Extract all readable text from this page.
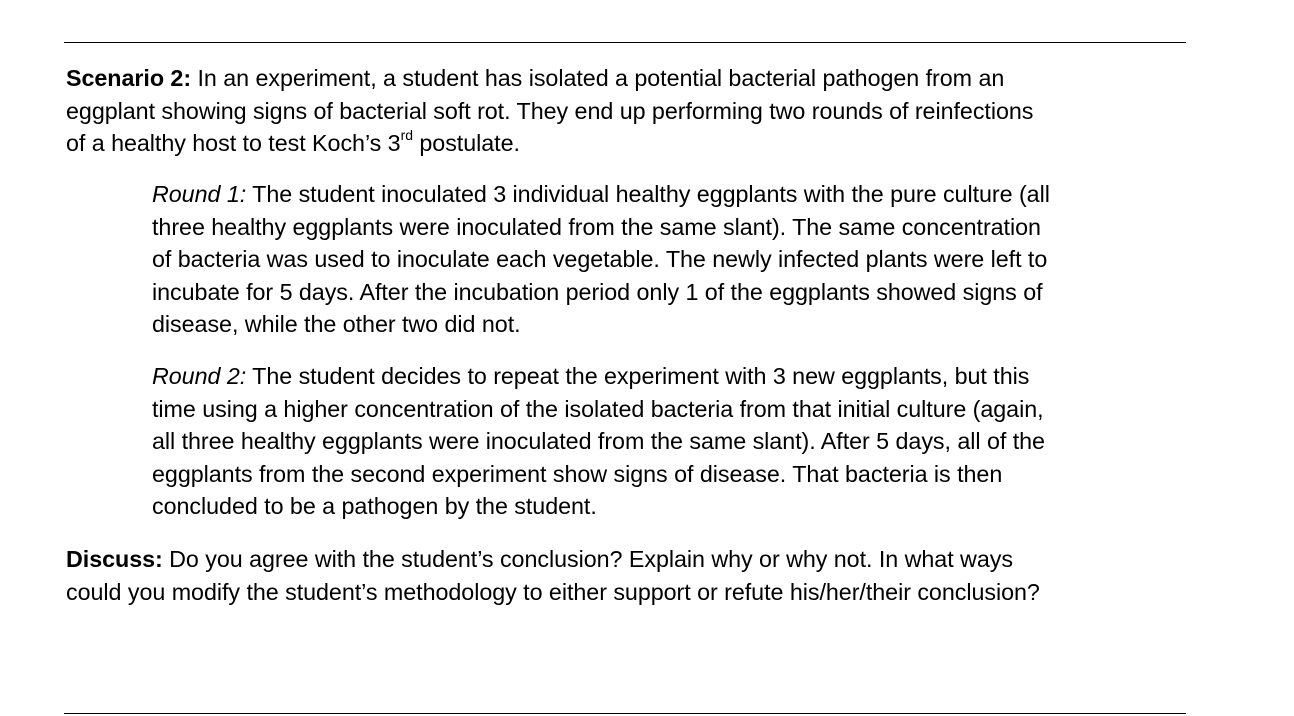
Scenario 2: In an experiment, a student has isolated a potential bacterial pathogen from an
eggplant showing signs of bacterial soft rot. They end up performing two rounds of reinfections
of a healthy host to test Koch’s 3rd postulate.

Round 1: The student inoculated 3 individual healthy eggplants with the pure culture (all
three healthy eggplants were inoculated from the same slant). The same concentration
of bacteria was used to inoculate each vegetable. The newly infected plants were left to
incubate for 5 days. After the incubation period only 1 of the eggplants showed signs of
disease, while the other two did not.

Round 2: The student decides to repeat the experiment with 3 new eggplants, but this
time using a higher concentration of the isolated bacteria from that initial culture (again,
all three healthy eggplants were inoculated from the same slant). After 5 days, all of the
eggplants from the second experiment show signs of disease. That bacteria is then
concluded to be a pathogen by the student.

Discuss: Do you agree with the student’s conclusion? Explain why or why not. In what ways
could you modify the student’s methodology to either support or refute his/her/their conclusion?
